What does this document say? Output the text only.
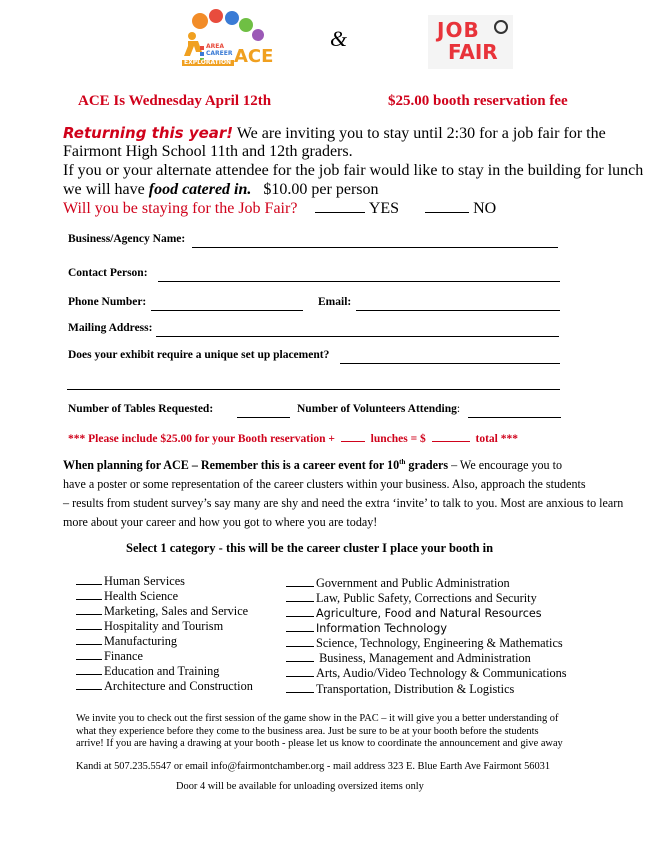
AREA
CAREER
EXPLORATION ACE
&	JOB
FAIR
ACE Is Wednesday April 12th	$25.00 booth reservation fee
Returning this year! We are inviting you to stay until 2:30 for a job fair for the
Fairmont High School 11th and 12th graders.
If you or your alternate attendee for the job fair would like to stay in the building for lunch
we will have food catered in. $10.00 per person
Will you be staying for the Job Fair?	YES	NO
Business/Agency Name:
Contact Person:
Phone Number:	Email:
Mailing Address:
Does your exhibit require a unique set up placement?
Number of Tables Requested:	Number of Volunteers Attending:
*** Please include $25.00 for your Booth reservation +	lunches = $	total ***
When planning for ACE – Remember this is a career event for 10th graders – We encourage you to
have a poster or some representation of the career clusters within your business. Also, approach the students
– results from student survey’s say many are shy and need the extra ‘invite’ to talk to you. Most are anxious to learn
more about your career and how you got to where you are today!
Select 1 category - this will be the career cluster I place your booth in
Human Services
Health Science
Marketing, Sales and Service
Hospitality and Tourism
Manufacturing
Finance
Education and Training
Architecture and Construction
Government and Public Administration
Law, Public Safety, Corrections and Security
Agriculture, Food and Natural Resources
Information Technology
Science, Technology, Engineering & Mathematics
Business, Management and Administration
Arts, Audio/Video Technology & Communications
Transportation, Distribution & Logistics
We invite you to check out the first session of the game show in the PAC – it will give you a better understanding of
what they experience before they come to the business area. Just be sure to be at your booth before the students
arrive! If you are having a drawing at your booth - please let us know to coordinate the announcement and give away
Kandi at 507.235.5547 or email info@fairmontchamber.org - mail address 323 E. Blue Earth Ave Fairmont 56031
Door 4 will be available for unloading oversized items only
